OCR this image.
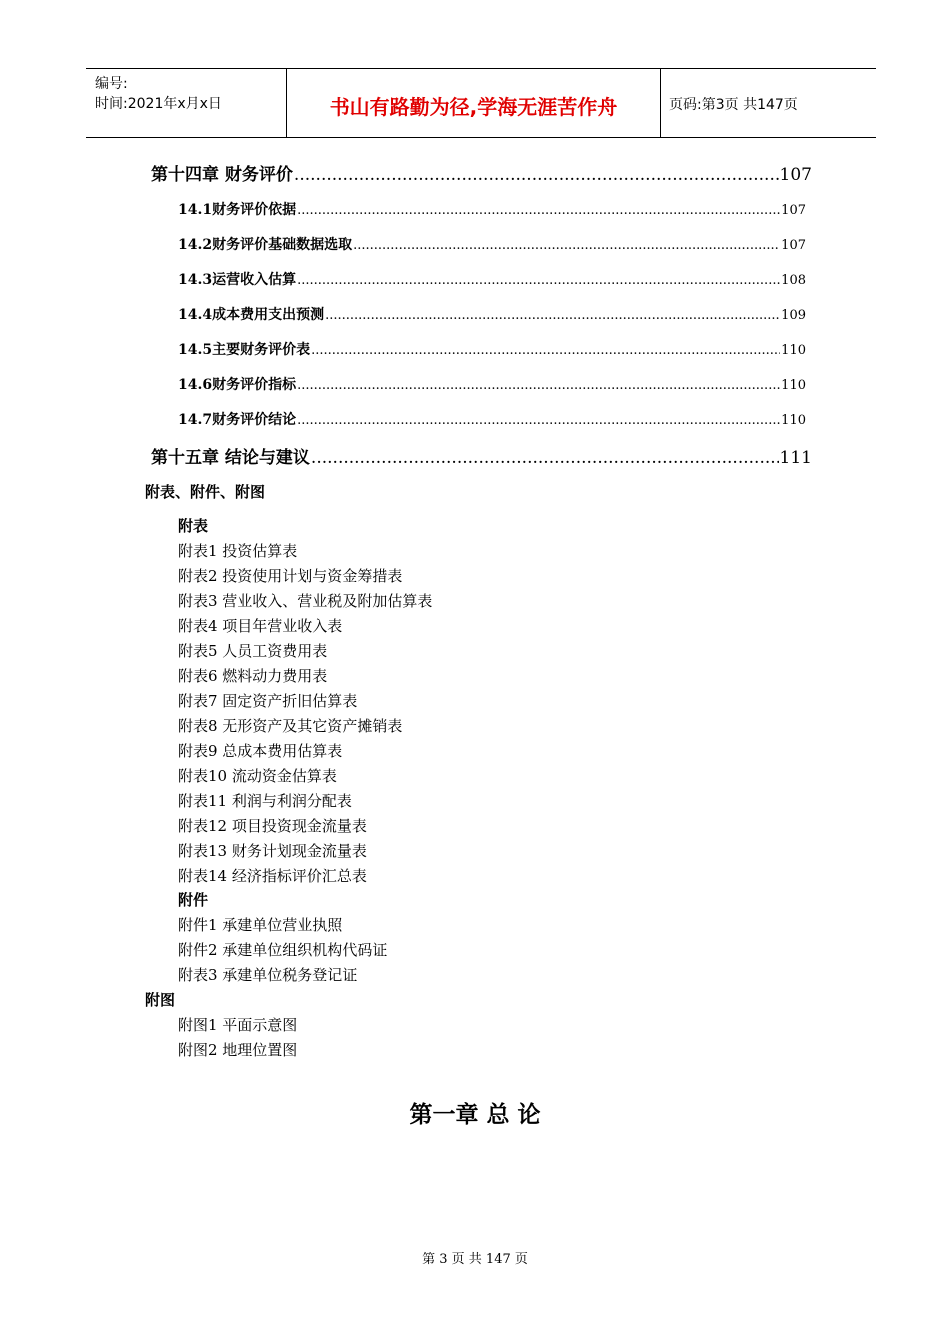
编号:
时间:2021年x月x日	书山有路勤为径,学海无涯苦作舟	页码:第3页 共147页
第十四章 财务评价 .....	107
14.1财务评价依据 .....	107
14.2财务评价基础数据选取 .....	107
14.3运营收入估算 .....	108
14.4成本费用支出预测 .....	109
14.5主要财务评价表 .....	110
14.6财务评价指标 .....	110
14.7财务评价结论 .....	110
第十五章 结论与建议 .....	111
附表、附件、附图
附表
附表1 投资估算表
附表2 投资使用计划与资金筹措表
附表3 营业收入、营业税及附加估算表
附表4 项目年营业收入表
附表5 人员工资费用表
附表6 燃料动力费用表
附表7 固定资产折旧估算表
附表8 无形资产及其它资产摊销表
附表9 总成本费用估算表
附表10 流动资金估算表
附表11 利润与利润分配表
附表12 项目投资现金流量表
附表13 财务计划现金流量表
附表14 经济指标评价汇总表
附件
附件1 承建单位营业执照
附件2 承建单位组织机构代码证
附表3 承建单位税务登记证
附图
附图1 平面示意图
附图2 地理位置图
第一章 总 论
第 3 页 共 147 页
